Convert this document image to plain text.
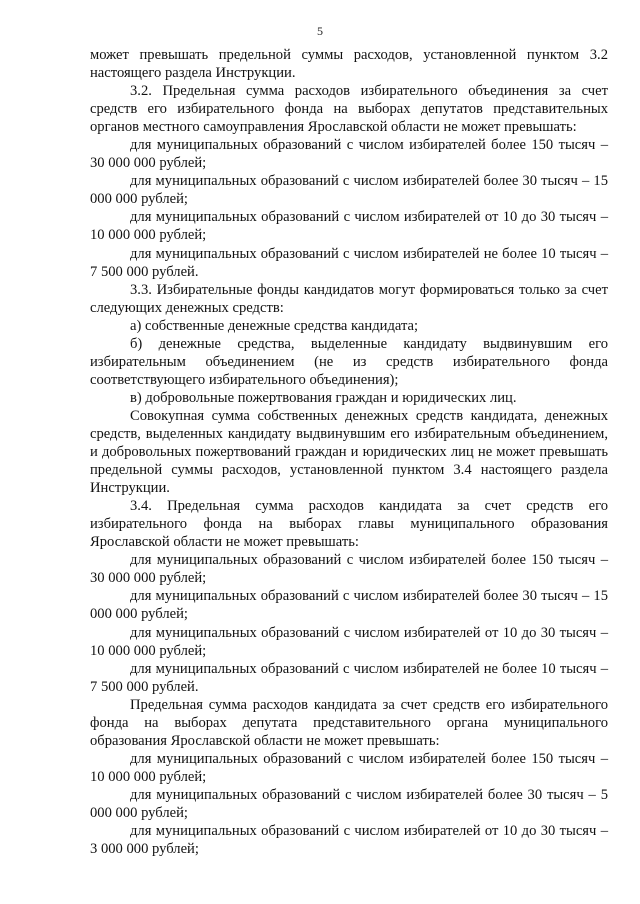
5

может превышать предельной суммы расходов, установленной пунктом 3.2 настоящего раздела Инструкции.

3.2. Предельная сумма расходов избирательного объединения за счет средств его избирательного фонда на выборах депутатов представительных органов местного самоуправления Ярославской области не может превышать:

для муниципальных образований с числом избирателей более 150 тысяч – 30 000 000 рублей;

для муниципальных образований с числом избирателей более 30 тысяч – 15 000 000 рублей;

для муниципальных образований с числом избирателей от 10 до 30 тысяч – 10 000 000 рублей;

для муниципальных образований с числом избирателей не более 10 тысяч – 7 500 000 рублей.

3.3. Избирательные фонды кандидатов могут формироваться только за счет следующих денежных средств:

а) собственные денежные средства кандидата;

б) денежные средства, выделенные кандидату выдвинувшим его избирательным объединением (не из средств избирательного фонда соответствующего избирательного объединения);

в) добровольные пожертвования граждан и юридических лиц.

Совокупная сумма собственных денежных средств кандидата, денежных средств, выделенных кандидату выдвинувшим его избирательным объединением, и добровольных пожертвований граждан и юридических лиц не может превышать предельной суммы расходов, установленной пунктом 3.4 настоящего раздела Инструкции.

3.4. Предельная сумма расходов кандидата за счет средств его избирательного фонда на выборах главы муниципального образования Ярославской области не может превышать:

для муниципальных образований с числом избирателей более 150 тысяч – 30 000 000 рублей;

для муниципальных образований с числом избирателей более 30 тысяч – 15 000 000 рублей;

для муниципальных образований с числом избирателей от 10 до 30 тысяч – 10 000 000 рублей;

для муниципальных образований с числом избирателей не более 10 тысяч – 7 500 000 рублей.

Предельная сумма расходов кандидата за счет средств его избирательного фонда на выборах депутата представительного органа муниципального образования Ярославской области не может превышать:

для муниципальных образований с числом избирателей более 150 тысяч – 10 000 000 рублей;

для муниципальных образований с числом избирателей более 30 тысяч – 5 000 000 рублей;

для муниципальных образований с числом избирателей от 10 до 30 тысяч – 3 000 000 рублей;
